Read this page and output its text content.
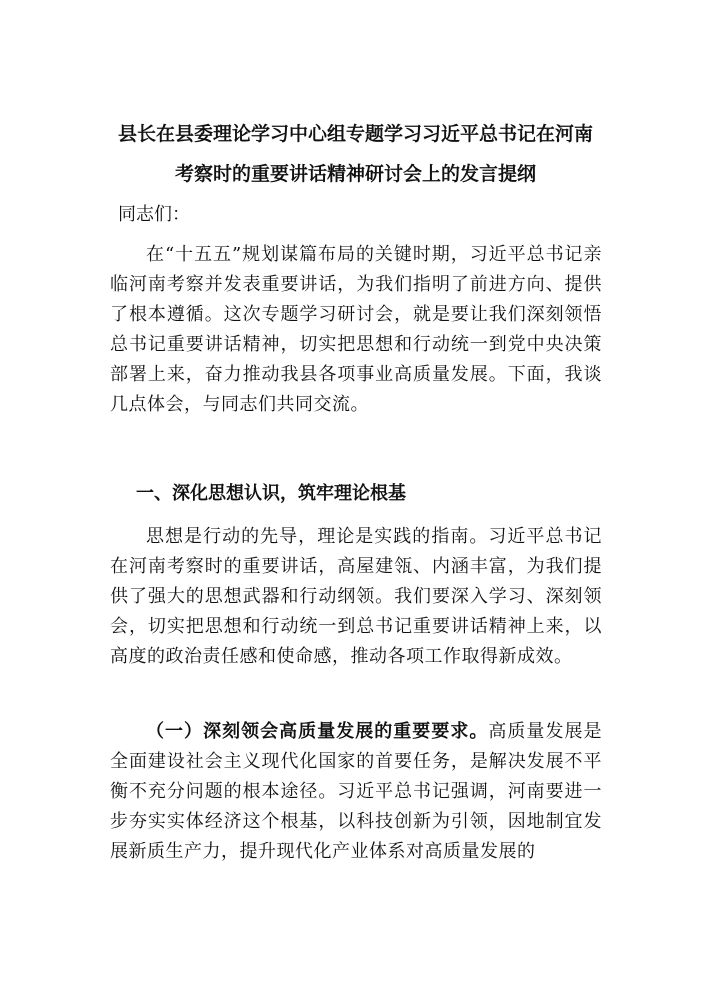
县长在县委理论学习中心组专题学习习近平总书记在河南
考察时的重要讲话精神研讨会上的发言提纲
同志们：

在“十五五”规划谋篇布局的关键时期，习近平总书记亲临河南考察并发表重要讲话，为我们指明了前进方向、提供了根本遵循。这次专题学习研讨会，就是要让我们深刻领悟总书记重要讲话精神，切实把思想和行动统一到党中央决策部署上来，奋力推动我县各项事业高质量发展。下面，我谈几点体会，与同志们共同交流。

一、深化思想认识，筑牢理论根基

思想是行动的先导，理论是实践的指南。习近平总书记在河南考察时的重要讲话，高屋建瓴、内涵丰富，为我们提供了强大的思想武器和行动纲领。我们要深入学习、深刻领会，切实把思想和行动统一到总书记重要讲话精神上来，以高度的政治责任感和使命感，推动各项工作取得新成效。

（一）深刻领会高质量发展的重要要求。高质量发展是全面建设社会主义现代化国家的首要任务，是解决发展不平衡不充分问题的根本途径。习近平总书记强调，河南要进一步夯实实体经济这个根基，以科技创新为引领，因地制宜发展新质生产力，提升现代化产业体系对高质量发展的
